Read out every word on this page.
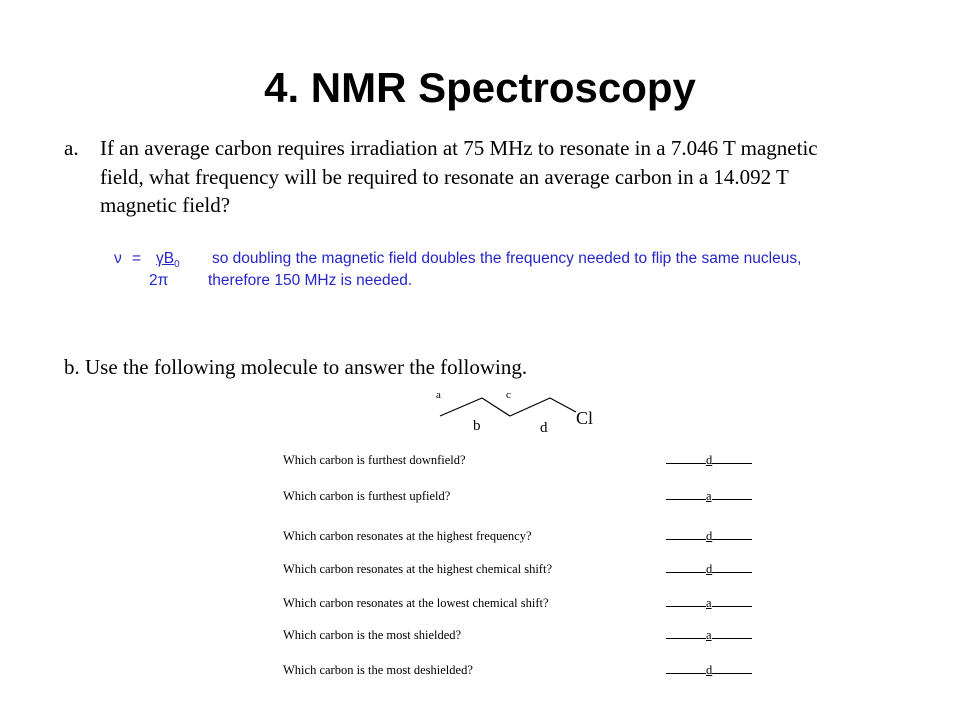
4. NMR Spectroscopy
a. If an average carbon requires irradiation at 75 MHz to resonate in a 7.046 T magnetic field, what frequency will be required to resonate an average carbon in a 14.092 T magnetic field?
$\nu = \gamma B_0$
2π
so doubling the magnetic field doubles the frequency needed to flip the same nucleus,
therefore 150 MHz is needed.
b. Use the following molecule to answer the following.
a
b
c
d Cl
Which carbon is furthest downfield?	d
Which carbon is furthest upfield?	a
Which carbon resonates at the highest frequency?	d
Which carbon resonates at the highest chemical shift?	d
Which carbon resonates at the lowest chemical shift?	a
Which carbon is the most shielded?	a
Which carbon is the most deshielded?	d
